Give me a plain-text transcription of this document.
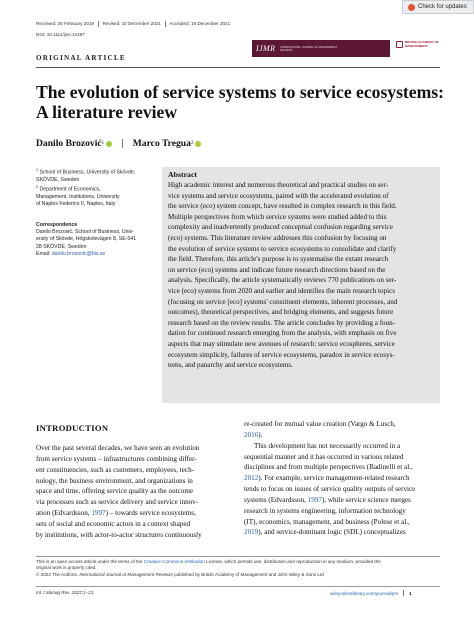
Received: 25 February 2019 Revised: 10 December 2021 Accepted: 16 December 2021
DOI: 10.1111/ijmr.12287
Check for updates
ORIGINAL ARTICLE
IJMR INTERNATIONAL JOURNAL OF MANAGEMENT REVIEWS
BRITISH ACADEMY OF MANAGEMENT
The evolution of service systems to service ecosystems: A literature review
Danilo Brozović 1	Marco Tregua 2
$^1$ School of Business, University of Skövde,
SKÖVDE, Sweden
$^2$ Department of Economics,
Management, Institutions, University
of Naples Federico II, Naples, Italy
Correspondence
Danilo Brozović, School of Business, Univ-
ersity of Skövde, Högskolevägen 8, SE-541
28 SKÖVDE, Sweden
Email: danilo.brozovic@his.se
Abstract
High academic interest and numerous theoretical and practical studies on ser-
vice systems and service ecosystems, paired with the accelerated evolution of
the service (eco) system concept, have resulted in complex research in this field.
Multiple perspectives from which service systems were studied added to this
complexity and inadvertently produced conceptual confusion regarding service
(eco) systems. This literature review addresses this confusion by focusing on
the evolution of service systems to service ecosystems to consolidate and clarify
the field. Therefore, this article's purpose is to systematise the extant research
on service (eco) systems and indicate future research directions based on the
analysis. Specifically, the article systematically reviews 770 publications on ser-
vice (eco) systems from 2020 and earlier and identifies the main research topics
(focusing on service [eco] systems' constituent elements, inherent processes, and
outcomes), theoretical perspectives, and bridging elements, and suggests future
research based on the review results. The article concludes by providing a foun-
dation for continued research emerging from the analysis, with emphasis on five
aspects that may stimulate new avenues of research: service ecospheres, service
ecosystem simplicity, failures of service ecosystems, paradox in service ecosys-
tems, and panarchy and service ecosystems.
INTRODUCTION
Over the past several decades, we have seen an evolution
from service systems – infrastructures combining differ-
ent constituencies, such as customers, employees, tech-
nology, the business environment, and organizations in
space and time, offering service quality as the outcome
via processes such as service delivery and service innov-
ation (Edvardsson, 1997) – towards service ecosystems,
sets of social and economic actors in a context shaped
by institutions, with actor-to-actor structures continuously
re-created for mutual value creation (Vargo & Lusch,
2016).
This development has not necessarily occurred in a
sequential manner and it has occurred in various related
disciplines and from multiple perspectives (Badinelli et al.,
2012). For example, service management-related research
tends to focus on issues of service quality outputs of service
systems (Edvardsson, 1997), while service science merges
research in systems engineering, information technology
(IT), economics, management, and business (Polese et al.,
2019), and service-dominant logic (SDL) conceptualizes
This is an open access article under the terms of the Creative Commons Attribution License, which permits use, distribution and reproduction in any medium, provided the
original work is properly cited.
© 2022 The Authors. International Journal of Management Reviews published by British Academy of Management and John Wiley & Sons Ltd
Int J Manag Rev. 2022;1–21.	wileyonlinelibrary.com/journal/ijmr 1
